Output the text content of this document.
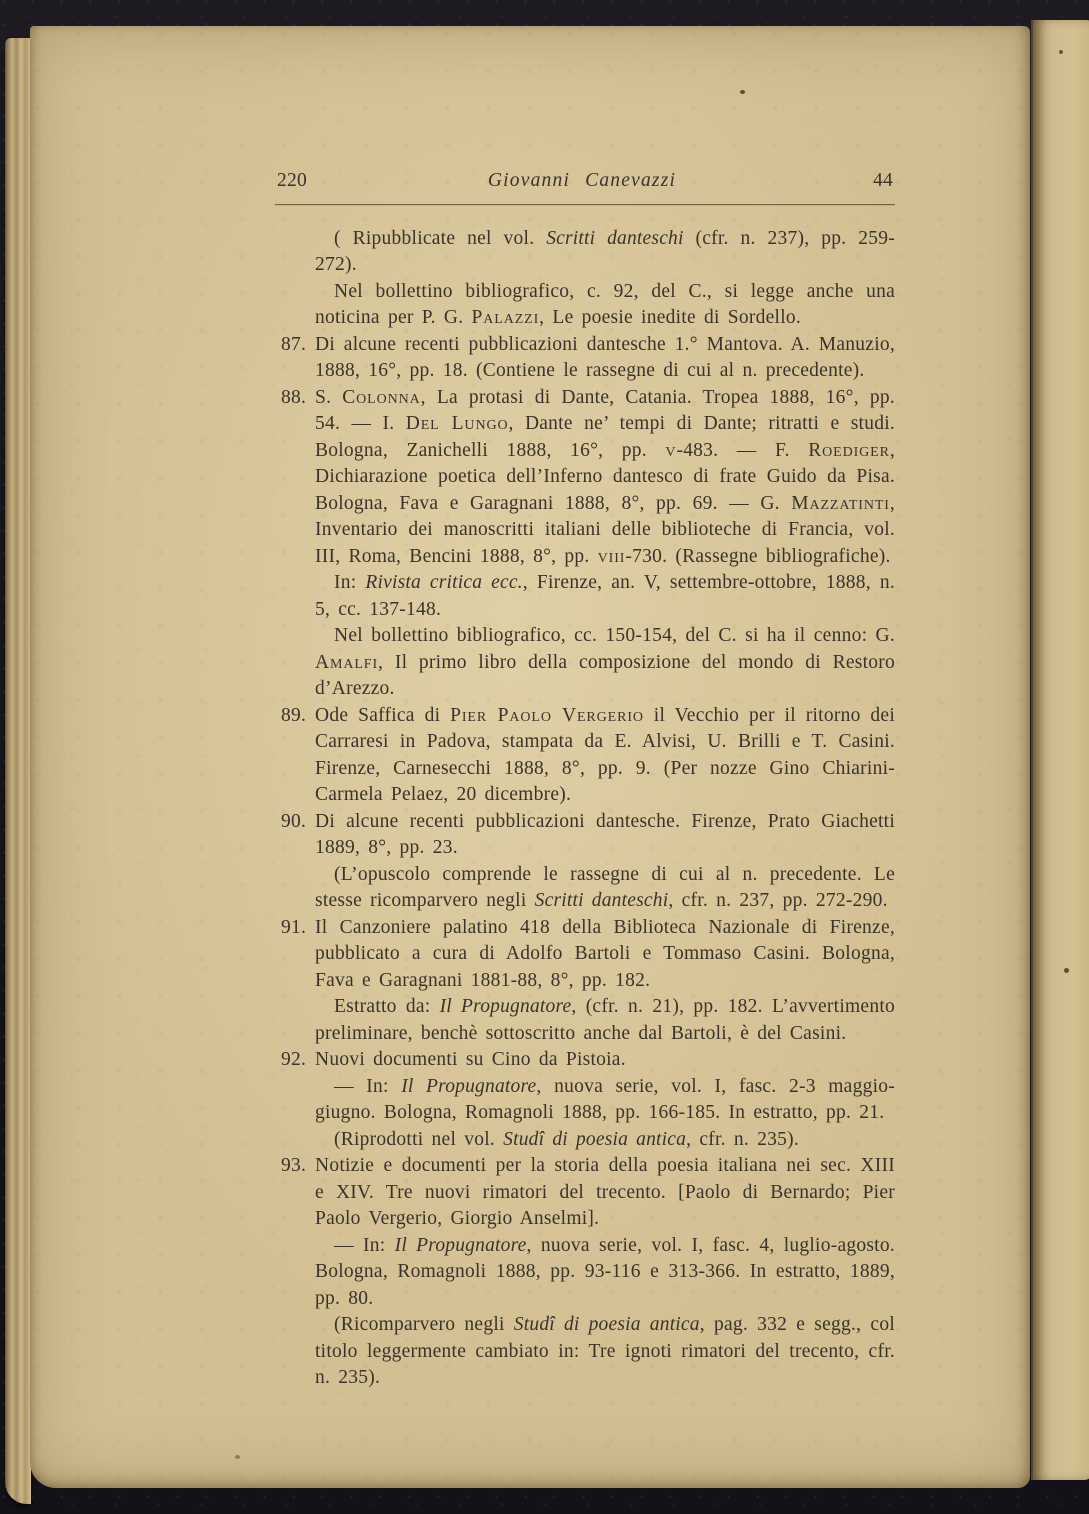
220	Giovanni Canevazzi	44

( Ripubblicate nel vol. Scritti danteschi (cfr. n. 237), pp. 259-272).

Nel bollettino bibliografico, c. 92, del C., si legge anche una noticina per P. G. Palazzi, Le poesie inedite di Sordello.

87. Di alcune recenti pubblicazioni dantesche 1.° Mantova. A. Manuzio, 1888, 16°, pp. 18. (Contiene le rassegne di cui al n. precedente).

88. S. Colonna, La protasi di Dante, Catania. Tropea 1888, 16°, pp. 54. — I. Del Lungo, Dante ne’ tempi di Dante; ritratti e studi. Bologna, Zanichelli 1888, 16°, pp. v-483. — F. Roediger, Dichiarazione poetica dell’Inferno dantesco di frate Guido da Pisa. Bologna, Fava e Garagnani 1888, 8°, pp. 69. — G. Mazzatinti, Inventario dei manoscritti italiani delle biblioteche di Francia, vol. III, Roma, Bencini 1888, 8°, pp. viii-730. (Rassegne bibliografiche).

In: Rivista critica ecc., Firenze, an. V, settembre-ottobre, 1888, n. 5, cc. 137-148.

Nel bollettino bibliografico, cc. 150-154, del C. si ha il cenno: G. Amalfi, Il primo libro della composizione del mondo di Restoro d’Arezzo.

89. Ode Saffica di Pier Paolo Vergerio il Vecchio per il ritorno dei Carraresi in Padova, stampata da E. Alvisi, U. Brilli e T. Casini. Firenze, Carnesecchi 1888, 8°, pp. 9. (Per nozze Gino Chiarini-Carmela Pelaez, 20 dicembre).

90. Di alcune recenti pubblicazioni dantesche. Firenze, Prato Giachetti 1889, 8°, pp. 23.

(L’opuscolo comprende le rassegne di cui al n. precedente. Le stesse ricomparvero negli Scritti danteschi, cfr. n. 237, pp. 272-290.

91. Il Canzoniere palatino 418 della Biblioteca Nazionale di Firenze, pubblicato a cura di Adolfo Bartoli e Tommaso Casini. Bologna, Fava e Garagnani 1881-88, 8°, pp. 182.

Estratto da: Il Propugnatore, (cfr. n. 21), pp. 182. L’avvertimento preliminare, benchè sottoscritto anche dal Bartoli, è del Casini.

92. Nuovi documenti su Cino da Pistoia.

— In: Il Propugnatore, nuova serie, vol. I, fasc. 2-3 maggio-giugno. Bologna, Romagnoli 1888, pp. 166-185. In estratto, pp. 21.

(Riprodotti nel vol. Studî di poesia antica, cfr. n. 235).

93. Notizie e documenti per la storia della poesia italiana nei sec. XIII e XIV. Tre nuovi rimatori del trecento. [Paolo di Bernardo; Pier Paolo Vergerio, Giorgio Anselmi].

— In: Il Propugnatore, nuova serie, vol. I, fasc. 4, luglio-agosto. Bologna, Romagnoli 1888, pp. 93-116 e 313-366. In estratto, 1889, pp. 80.

(Ricomparvero negli Studî di poesia antica, pag. 332 e segg., col titolo leggermente cambiato in: Tre ignoti rimatori del trecento, cfr. n. 235).
